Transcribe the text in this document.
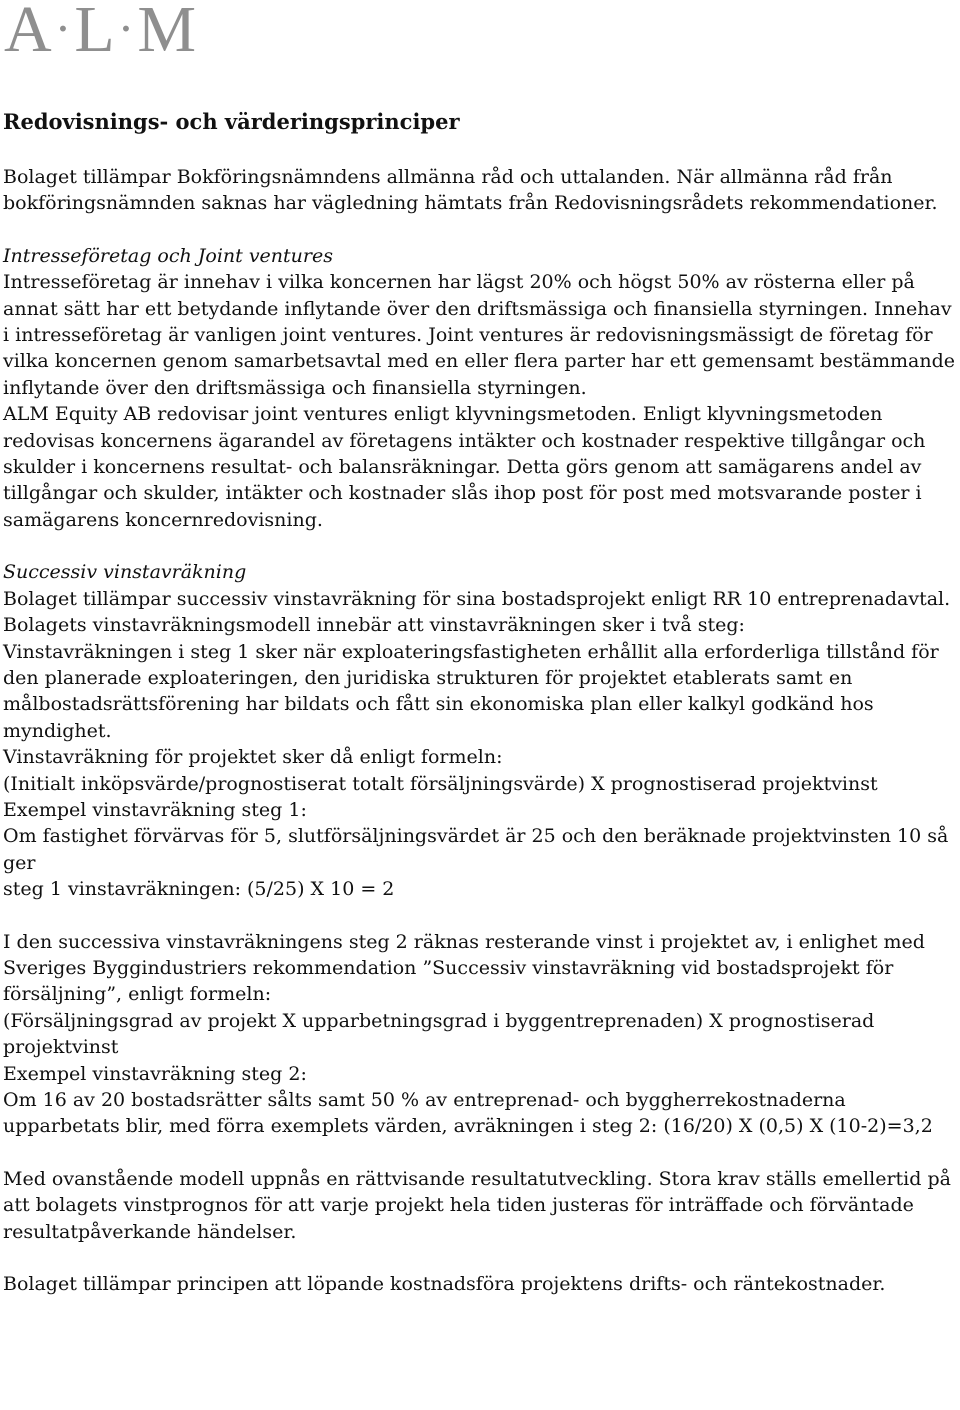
A·L·M
Redovisnings- och värderingsprinciper

Bolaget tillämpar Bokföringsnämndens allmänna råd och uttalanden. När allmänna råd från bokföringsnämnden saknas har vägledning hämtats från Redovisningsrådets rekommendationer.

Intresseföretag och Joint ventures

Intresseföretag är innehav i vilka koncernen har lägst 20% och högst 50% av rösterna eller på annat sätt har ett betydande inflytande över den driftsmässiga och finansiella styrningen. Innehav i intresseföretag är vanligen joint ventures. Joint ventures är redovisningsmässigt de företag för vilka koncernen genom samarbetsavtal med en eller flera parter har ett gemensamt bestämmande inflytande över den driftsmässiga och finansiella styrningen.

ALM Equity AB redovisar joint ventures enligt klyvningsmetoden. Enligt klyvningsmetoden redovisas koncernens ägarandel av företagens intäkter och kostnader respektive tillgångar och skulder i koncernens resultat- och balansräkningar. Detta görs genom att samägarens andel av tillgångar och skulder, intäkter och kostnader slås ihop post för post med motsvarande poster i samägarens koncernredovisning.

Successiv vinstavräkning

Bolaget tillämpar successiv vinstavräkning för sina bostadsprojekt enligt RR 10 entreprenadavtal. Bolagets vinstavräkningsmodell innebär att vinstavräkningen sker i två steg:

Vinstavräkningen i steg 1 sker när exploateringsfastigheten erhållit alla erforderliga tillstånd för den planerade exploateringen, den juridiska strukturen för projektet etablerats samt en målbostadsrättsförening har bildats och fått sin ekonomiska plan eller kalkyl godkänd hos myndighet.

Vinstavräkning för projektet sker då enligt formeln:

(Initialt inköpsvärde/prognostiserat totalt försäljningsvärde) X prognostiserad projektvinst

Exempel vinstavräkning steg 1:

Om fastighet förvärvas för 5, slutförsäljningsvärdet är 25 och den beräknade projektvinsten 10 så ger

steg 1 vinstavräkningen: (5/25) X 10 = 2

I den successiva vinstavräkningens steg 2 räknas resterande vinst i projektet av, i enlighet med Sveriges Byggindustriers rekommendation ”Successiv vinstavräkning vid bostadsprojekt för försäljning”, enligt formeln:

(Försäljningsgrad av projekt X upparbetningsgrad i byggentreprenaden) X prognostiserad projektvinst

Exempel vinstavräkning steg 2:

Om 16 av 20 bostadsrätter sålts samt 50 % av entreprenad- och byggherrekostnaderna upparbetats blir, med förra exemplets värden, avräkningen i steg 2: (16/20) X (0,5) X (10-2)=3,2

Med ovanstående modell uppnås en rättvisande resultatutveckling. Stora krav ställs emellertid på att bolagets vinstprognos för att varje projekt hela tiden justeras för inträffade och förväntade resultatpåverkande händelser.

Bolaget tillämpar principen att löpande kostnadsföra projektens drifts- och räntekostnader.
